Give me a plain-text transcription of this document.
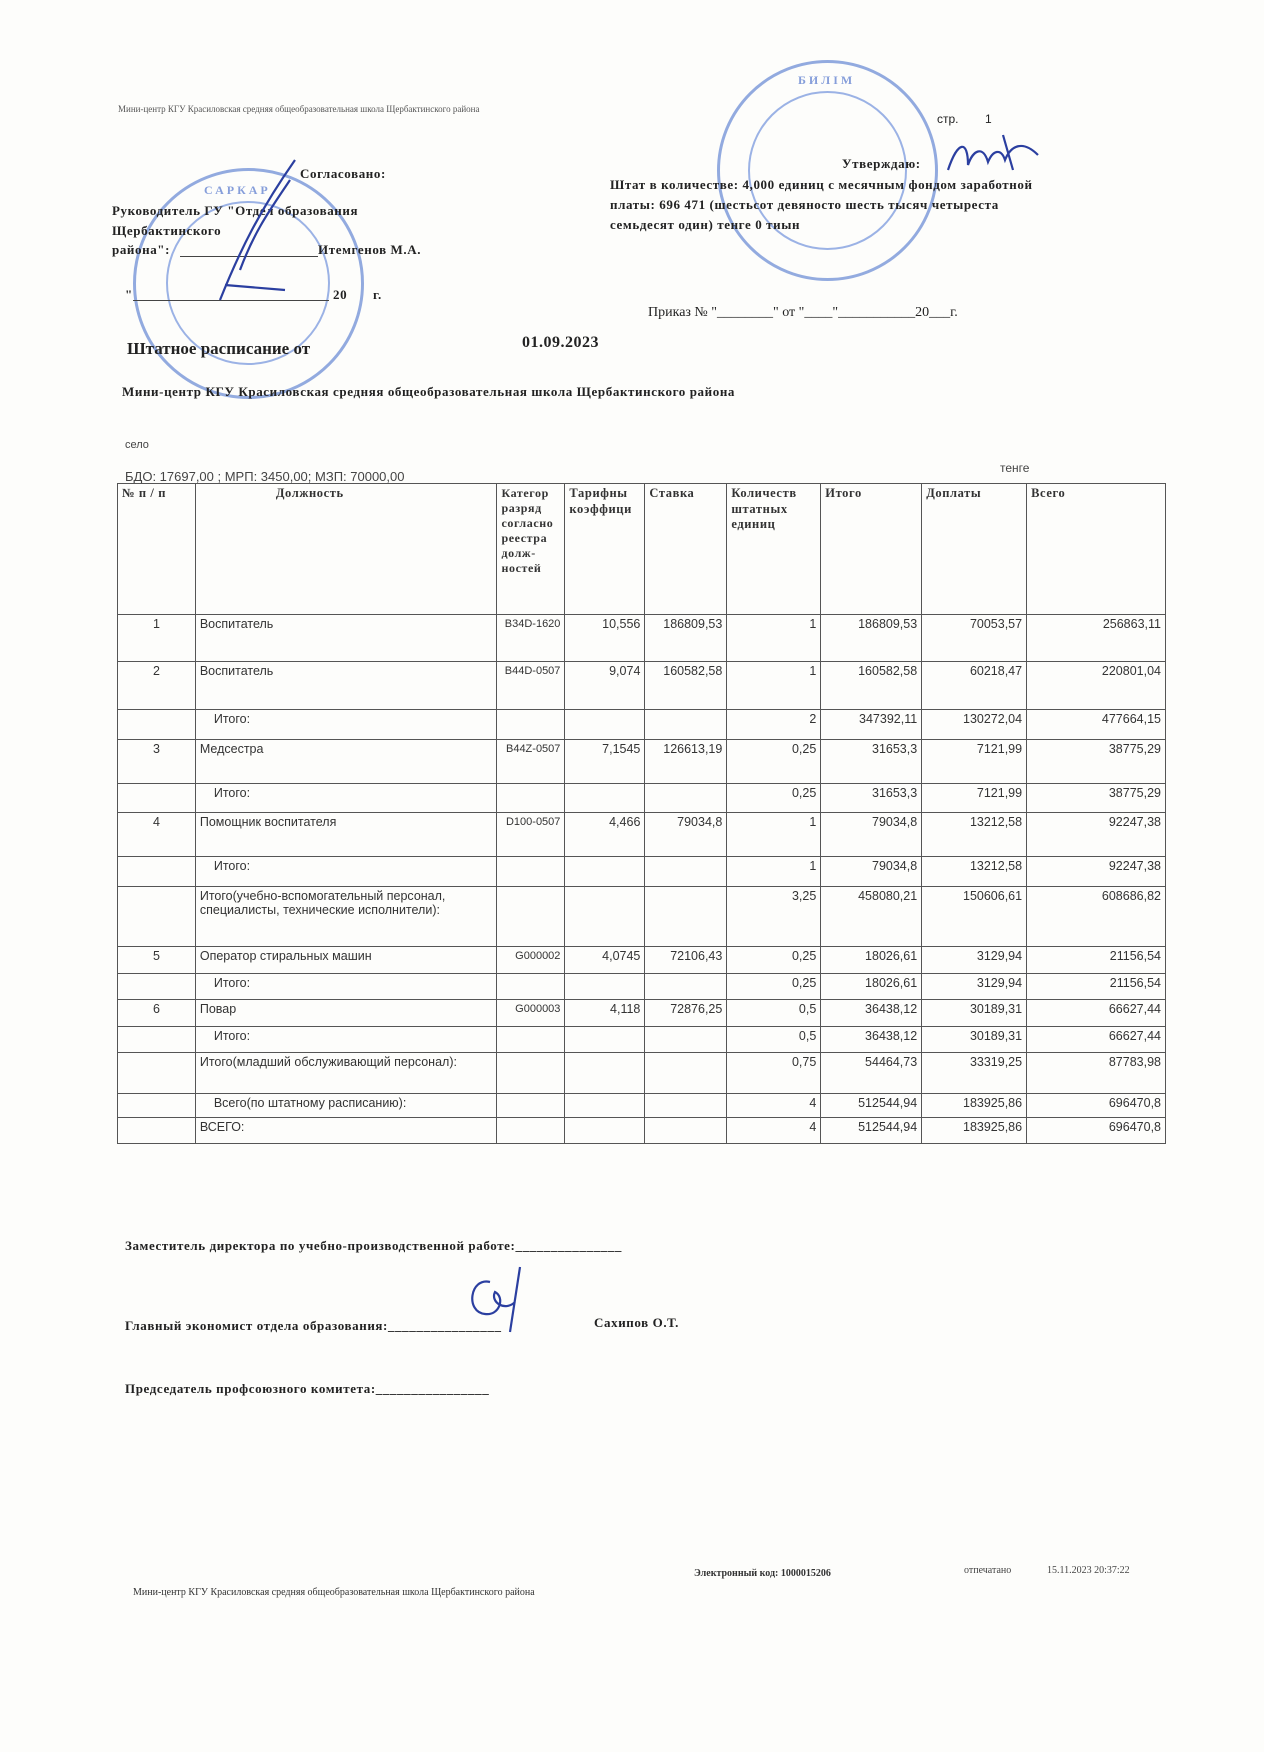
Мини-центр КГУ Красиловская средняя общеобразовательная школа Щербактинского района
стр. 1
САРКАР
БИЛІМ
Согласовано:
Руководитель ГУ "Отдел образования
Щербактинского
района":	Итемгенов М.А.
"	20 г.
Утверждаю:
Штат в количестве: 4,000 единиц с месячным фондом заработной
платы: 696 471 (шестьсот девяносто шесть тысяч четыреста
семьдесят один) тенге 0 тиын
Приказ № "________" от "____"___________20___г.
Штатное расписание от	01.09.2023
Мини-центр КГУ Красиловская средняя общеобразовательная школа Щербактинского района
село
БДО: 17697,00 ; МРП: 3450,00; МЗП: 70000,00
тенге
№ п / п	Должность	Категор разряд согласно реестра долж-ностей	Тарифны коэффици	Ставка	Количеств штатных единиц	Итого	Доплаты	Всего
1	Воспитатель	B34D-1620	10,556	186809,53	1	186809,53	70053,57	256863,11
2	Воспитатель	B44D-0507	9,074	160582,58	1	160582,58	60218,47	220801,04
	Итого:				2	347392,11	130272,04	477664,15
3	Медсестра	B44Z-0507	7,1545	126613,19	0,25	31653,3	7121,99	38775,29
	Итого:				0,25	31653,3	7121,99	38775,29
4	Помощник воспитателя	D100-0507	4,466	79034,8	1	79034,8	13212,58	92247,38
	Итого:				1	79034,8	13212,58	92247,38
	Итого(учебно-вспомогательный персонал, специалисты, технические исполнители):				3,25	458080,21	150606,61	608686,82
5	Оператор стиральных машин	G000002	4,0745	72106,43	0,25	18026,61	3129,94	21156,54
	Итого:				0,25	18026,61	3129,94	21156,54
6	Повар	G000003	4,118	72876,25	0,5	36438,12	30189,31	66627,44
	Итого:				0,5	36438,12	30189,31	66627,44
	Итого(младший обслуживающий персонал):				0,75	54464,73	33319,25	87783,98
	Всего(по штатному расписанию):				4	512544,94	183925,86	696470,8
	ВСЕГО:				4	512544,94	183925,86	696470,8
Заместитель директора по учебно-производственной работе:_______________
Главный экономист отдела образования:________________	Сахипов О.Т.
Председатель профсоюзного комитета:________________
Электронный код: 1000015206	отпечатано	15.11.2023 20:37:22
Мини-центр КГУ Красиловская средняя общеобразовательная школа Щербактинского района
